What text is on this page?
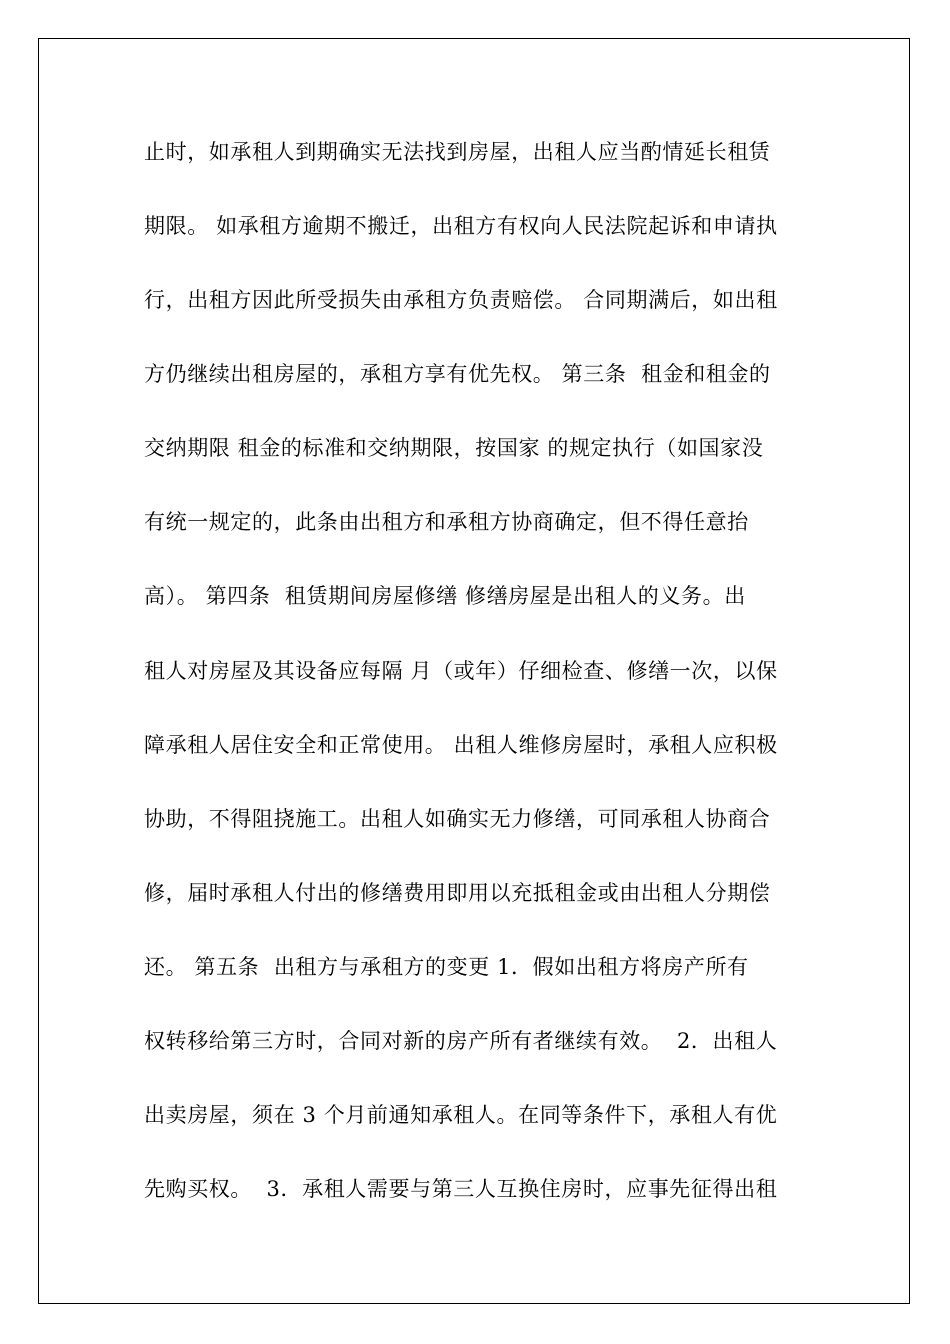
止时，如承租人到期确实无法找到房屋，出租人应当酌情延长租赁
期限。 如承租方逾期不搬迁，出租方有权向人民法院起诉和申请执
行，出租方因此所受损失由承租方负责赔偿。 合同期满后，如出租
方仍继续出租房屋的，承租方享有优先权。 第三条  租金和租金的
交纳期限 租金的标准和交纳期限，按国家 的规定执行（如国家没
有统一规定的，此条由出租方和承租方协商确定，但不得任意抬
高）。 第四条  租赁期间房屋修缮 修缮房屋是出租人的义务。出
租人对房屋及其设备应每隔 月（或年）仔细检查、修缮一次，以保
障承租人居住安全和正常使用。 出租人维修房屋时，承租人应积极
协助，不得阻挠施工。出租人如确实无力修缮，可同承租人协商合
修，届时承租人付出的修缮费用即用以充抵租金或由出租人分期偿
还。 第五条  出租方与承租方的变更 1．假如出租方将房产所有
权转移给第三方时，合同对新的房产所有者继续有效。  2．出租人
出卖房屋，须在 3 个月前通知承租人。在同等条件下，承租人有优
先购买权。  3．承租人需要与第三人互换住房时，应事先征得出租
